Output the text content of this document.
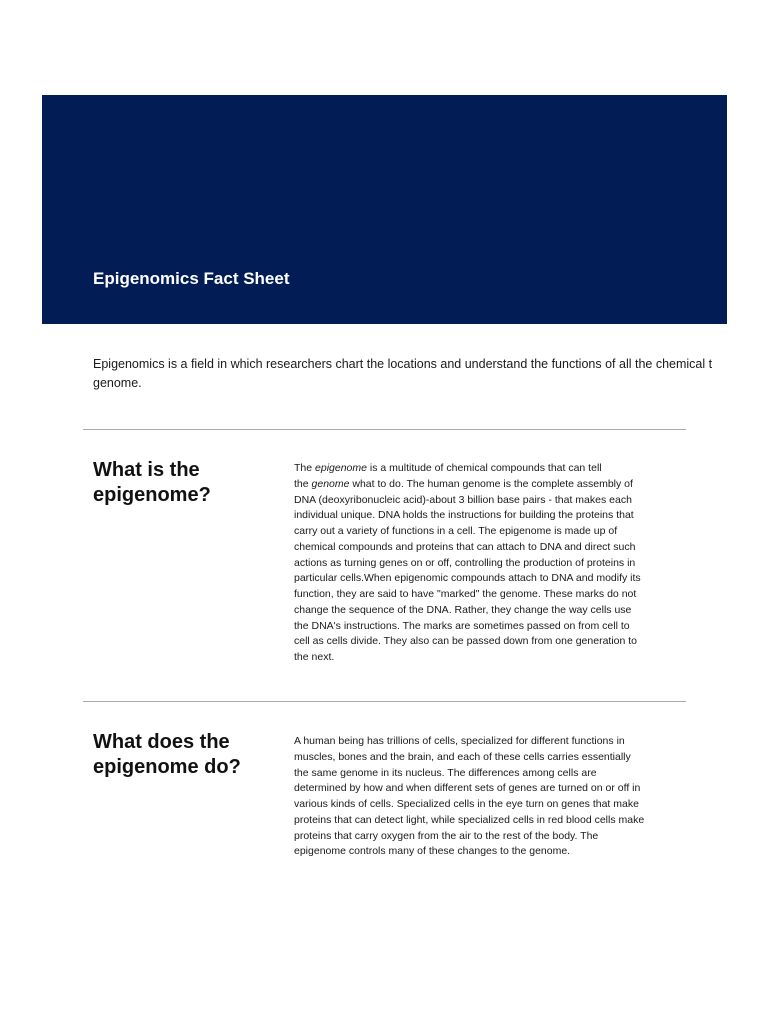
Epigenomics Fact Sheet

Epigenomics is a field in which researchers chart the locations and understand the functions of all the chemical t
genome.

What is the
epigenome?
The epigenome is a multitude of chemical compounds that can tell
the genome what to do. The human genome is the complete assembly of
DNA (deoxyribonucleic acid)-about 3 billion base pairs - that makes each
individual unique. DNA holds the instructions for building the proteins that
carry out a variety of functions in a cell. The epigenome is made up of
chemical compounds and proteins that can attach to DNA and direct such
actions as turning genes on or off, controlling the production of proteins in
particular cells.When epigenomic compounds attach to DNA and modify its
function, they are said to have "marked" the genome. These marks do not
change the sequence of the DNA. Rather, they change the way cells use
the DNA's instructions. The marks are sometimes passed on from cell to
cell as cells divide. They also can be passed down from one generation to
the next.
What does the
epigenome do?
A human being has trillions of cells, specialized for different functions in
muscles, bones and the brain, and each of these cells carries essentially
the same genome in its nucleus. The differences among cells are
determined by how and when different sets of genes are turned on or off in
various kinds of cells. Specialized cells in the eye turn on genes that make
proteins that can detect light, while specialized cells in red blood cells make
proteins that carry oxygen from the air to the rest of the body. The
epigenome controls many of these changes to the genome.
